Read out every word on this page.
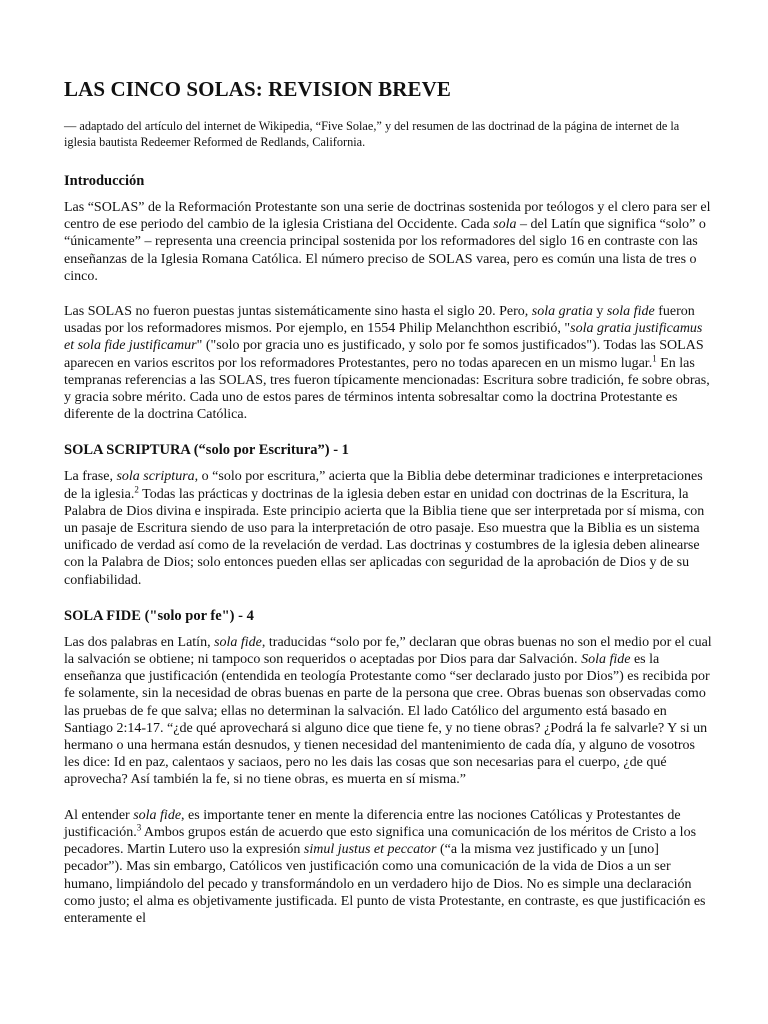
LAS CINCO SOLAS: REVISION BREVE
— adaptado del artículo del internet de Wikipedia, “Five Solae,” y del resumen de las doctrinad de la página de internet de la iglesia bautista Redeemer Reformed de Redlands, California.
Introducción

Las “SOLAS” de la Reformación Protestante son una serie de doctrinas sostenida por teólogos y el clero para ser el centro de ese periodo del cambio de la iglesia Cristiana del Occidente. Cada sola – del Latín que significa “solo” o “únicamente” – representa una creencia principal sostenida por los reformadores del siglo 16 en contraste con las enseñanzas de la Iglesia Romana Católica. El número preciso de SOLAS varea, pero es común una lista de tres o cinco.

Las SOLAS no fueron puestas juntas sistemáticamente sino hasta el siglo 20. Pero, sola gratia y sola fide fueron usadas por los reformadores mismos. Por ejemplo, en 1554 Philip Melanchthon escribió, "sola gratia justificamus et sola fide justificamur" ("solo por gracia uno es justificado, y solo por fe somos justificados"). Todas las SOLAS aparecen en varios escritos por los reformadores Protestantes, pero no todas aparecen en un mismo lugar.$^1$ En las tempranas referencias a las SOLAS, tres fueron típicamente mencionadas: Escritura sobre tradición, fe sobre obras, y gracia sobre mérito. Cada uno de estos pares de términos intenta sobresaltar como la doctrina Protestante es diferente de la doctrina Católica.

SOLA SCRIPTURA (“solo por Escritura”) - 1

La frase, sola scriptura, o “solo por escritura,” acierta que la Biblia debe determinar tradiciones e interpretaciones de la iglesia.$^2$ Todas las prácticas y doctrinas de la iglesia deben estar en unidad con doctrinas de la Escritura, la Palabra de Dios divina e inspirada. Este principio acierta que la Biblia tiene que ser interpretada por sí misma, con un pasaje de Escritura siendo de uso para la interpretación de otro pasaje. Eso muestra que la Biblia es un sistema unificado de verdad así como de la revelación de verdad. Las doctrinas y costumbres de la iglesia deben alinearse con la Palabra de Dios; solo entonces pueden ellas ser aplicadas con seguridad de la aprobación de Dios y de su confiabilidad.

SOLA FIDE ("solo por fe") - 4

Las dos palabras en Latín, sola fide, traducidas “solo por fe,” declaran que obras buenas no son el medio por el cual la salvación se obtiene; ni tampoco son requeridos o aceptadas por Dios para dar Salvación. Sola fide es la enseñanza que justificación (entendida en teología Protestante como “ser declarado justo por Dios”) es recibida por fe solamente, sin la necesidad de obras buenas en parte de la persona que cree. Obras buenas son observadas como las pruebas de fe que salva; ellas no determinan la salvación. El lado Católico del argumento está basado en Santiago 2:14-17. “¿de qué aprovechará si alguno dice que tiene fe, y no tiene obras? ¿Podrá la fe salvarle? Y si un hermano o una hermana están desnudos, y tienen necesidad del mantenimiento de cada día, y alguno de vosotros les dice: Id en paz, calentaos y saciaos, pero no les dais las cosas que son necesarias para el cuerpo, ¿de qué aprovecha? Así también la fe, si no tiene obras, es muerta en sí misma.”

Al entender sola fide, es importante tener en mente la diferencia entre las nociones Católicas y Protestantes de justificación.$^3$ Ambos grupos están de acuerdo que esto significa una comunicación de los méritos de Cristo a los pecadores. Martin Lutero uso la expresión simul justus et peccator (“a la misma vez justificado y un [uno] pecador”). Mas sin embargo, Católicos ven justificación como una comunicación de la vida de Dios a un ser humano, limpiándolo del pecado y transformándolo en un verdadero hijo de Dios. No es simple una declaración como justo; el alma es objetivamente justificada. El punto de vista Protestante, en contraste, es que justificación es enteramente el
